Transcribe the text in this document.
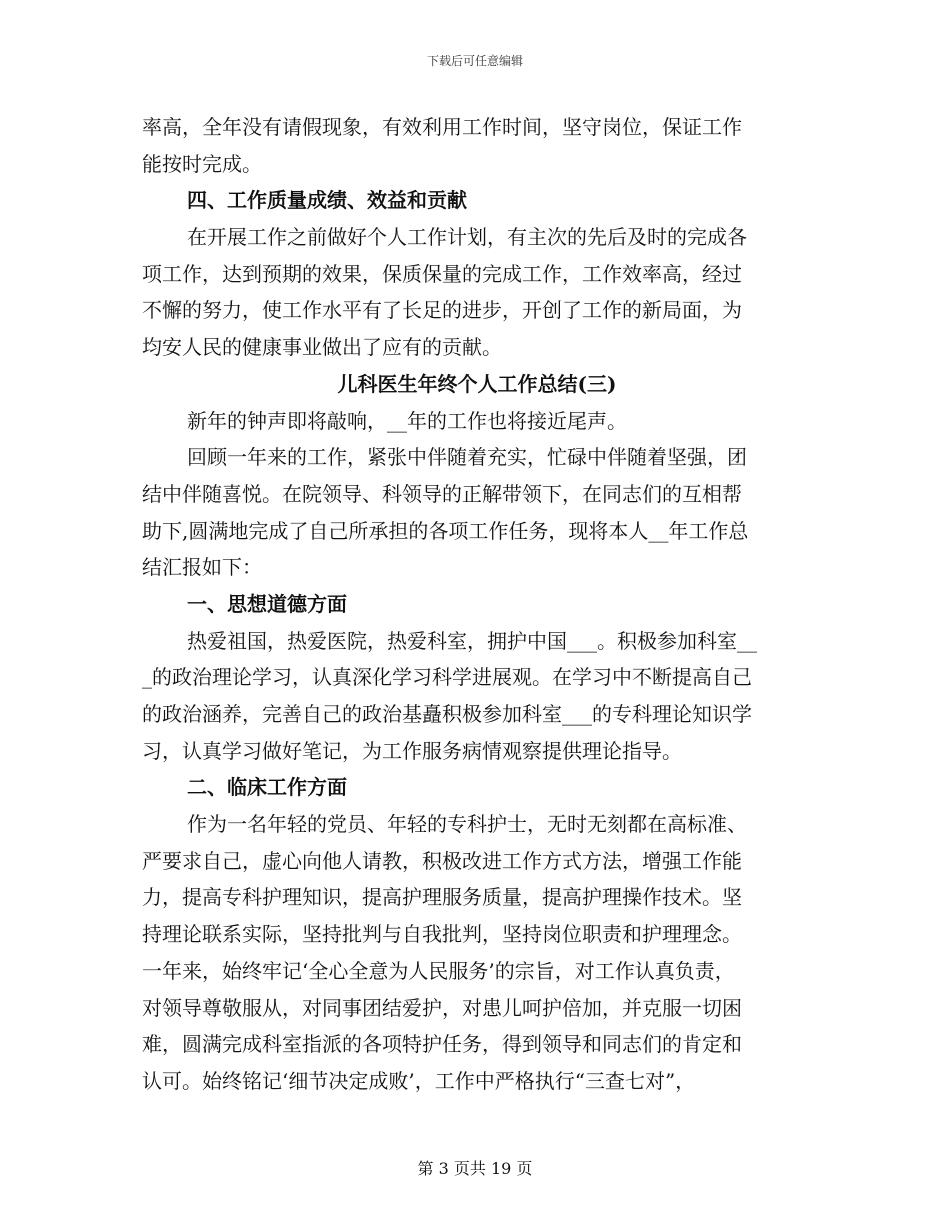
下载后可任意编辑
率高，全年没有请假现象，有效利用工作时间，坚守岗位，保证工作
能按时完成。
四、工作质量成绩、效益和贡献
在开展工作之前做好个人工作计划，有主次的先后及时的完成各
项工作，达到预期的效果，保质保量的完成工作，工作效率高，经过
不懈的努力，使工作水平有了长足的进步，开创了工作的新局面，为
均安人民的健康事业做出了应有的贡献。
儿科医生年终个人工作总结(三)
新年的钟声即将敲响，__年的工作也将接近尾声。
回顾一年来的工作，紧张中伴随着充实，忙碌中伴随着坚强，团
结中伴随喜悦。在院领导、科领导的正解带领下，在同志们的互相帮
助下,圆满地完成了自己所承担的各项工作任务，现将本人__年工作总
结汇报如下：
一、思想道德方面
热爱祖国，热爱医院，热爱科室，拥护中国___。积极参加科室__
_的政治理论学习，认真深化学习科学进展观。在学习中不断提高自己
的政治涵养，完善自己的政治基矗积极参加科室___的专科理论知识学
习，认真学习做好笔记，为工作服务病情观察提供理论指导。
二、临床工作方面
作为一名年轻的党员、年轻的专科护士，无时无刻都在高标准、
严要求自己，虚心向他人请教，积极改进工作方式方法，增强工作能
力，提高专科护理知识，提高护理服务质量，提高护理操作技术。坚
持理论联系实际，坚持批判与自我批判，坚持岗位职责和护理理念。
一年来，始终牢记‘全心全意为人民服务’的宗旨，对工作认真负责，
对领导尊敬服从，对同事团结爱护，对患儿呵护倍加，并克服一切困
难，圆满完成科室指派的各项特护任务，得到领导和同志们的肯定和
认可。始终铭记‘细节决定成败’，工作中严格执行“三查七对”，
第 3 页共 19 页
